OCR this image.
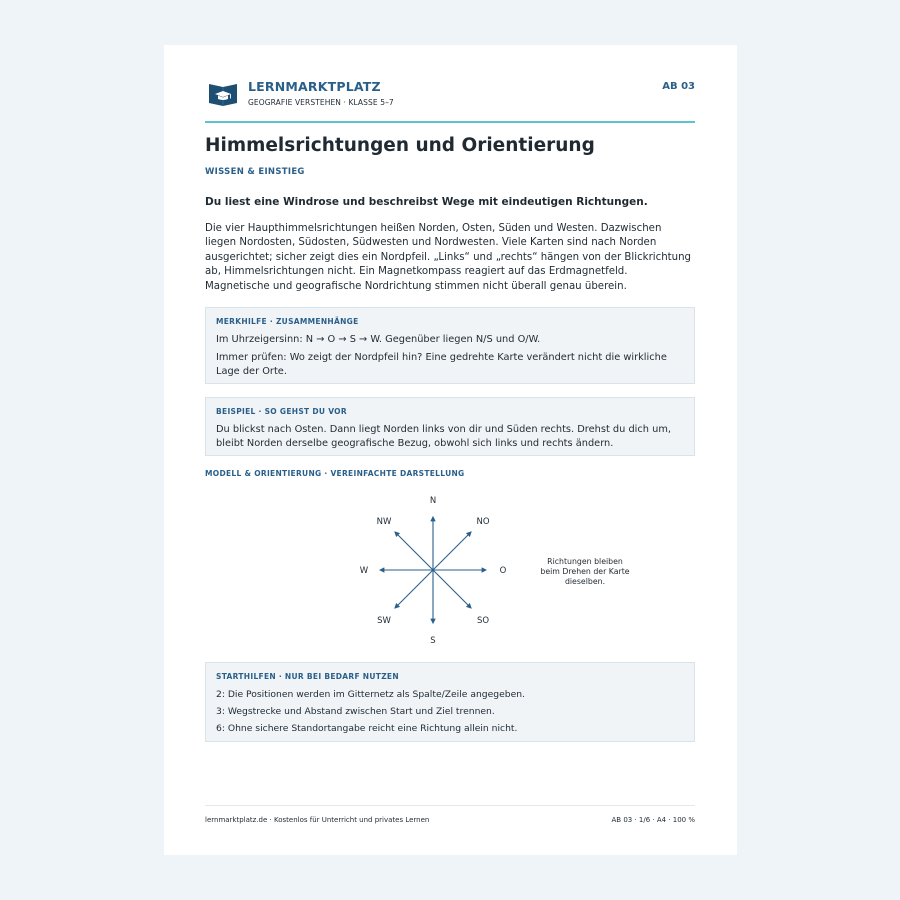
LERNMARKTPLATZ
GEOGRAFIE VERSTEHEN · KLASSE 5–7
AB 03
Himmelsrichtungen und Orientierung
WISSEN & EINSTIEG
Du liest eine Windrose und beschreibst Wege mit eindeutigen Richtungen.
Die vier Haupthimmelsrichtungen heißen Norden, Osten, Süden und Westen. Dazwischen liegen Nordosten, Südosten, Südwesten und Nordwesten. Viele Karten sind nach Norden ausgerichtet; sicher zeigt dies ein Nordpfeil. „Links“ und „rechts“ hängen von der Blickrichtung ab, Himmelsrichtungen nicht. Ein Magnetkompass reagiert auf das Erdmagnetfeld. Magnetische und geografische Nordrichtung stimmen nicht überall genau überein.
MERKHILFE · ZUSAMMENHÄNGE
Im Uhrzeigersinn: N → O → S → W. Gegenüber liegen N/S und O/W.
Immer prüfen: Wo zeigt der Nordpfeil hin? Eine gedrehte Karte verändert nicht die wirkliche Lage der Orte.
BEISPIEL · SO GEHST DU VOR
Du blickst nach Osten. Dann liegt Norden links von dir und Süden rechts. Drehst du dich um, bleibt Norden derselbe geografische Bezug, obwohl sich links und rechts ändern.
MODELL & ORIENTIERUNG · VEREINFACHTE DARSTELLUNG
N
NO
O
SO
S
SW
W
NW
Richtungen bleiben beim Drehen der Karte dieselben.
STARTHILFEN · NUR BEI BEDARF NUTZEN
2: Die Positionen werden im Gitternetz als Spalte/Zeile angegeben.
3: Wegstrecke und Abstand zwischen Start und Ziel trennen.
6: Ohne sichere Standortangabe reicht eine Richtung allein nicht.
lernmarktplatz.de · Kostenlos für Unterricht und privates Lernen	AB 03 · 1/6 · A4 · 100 %
